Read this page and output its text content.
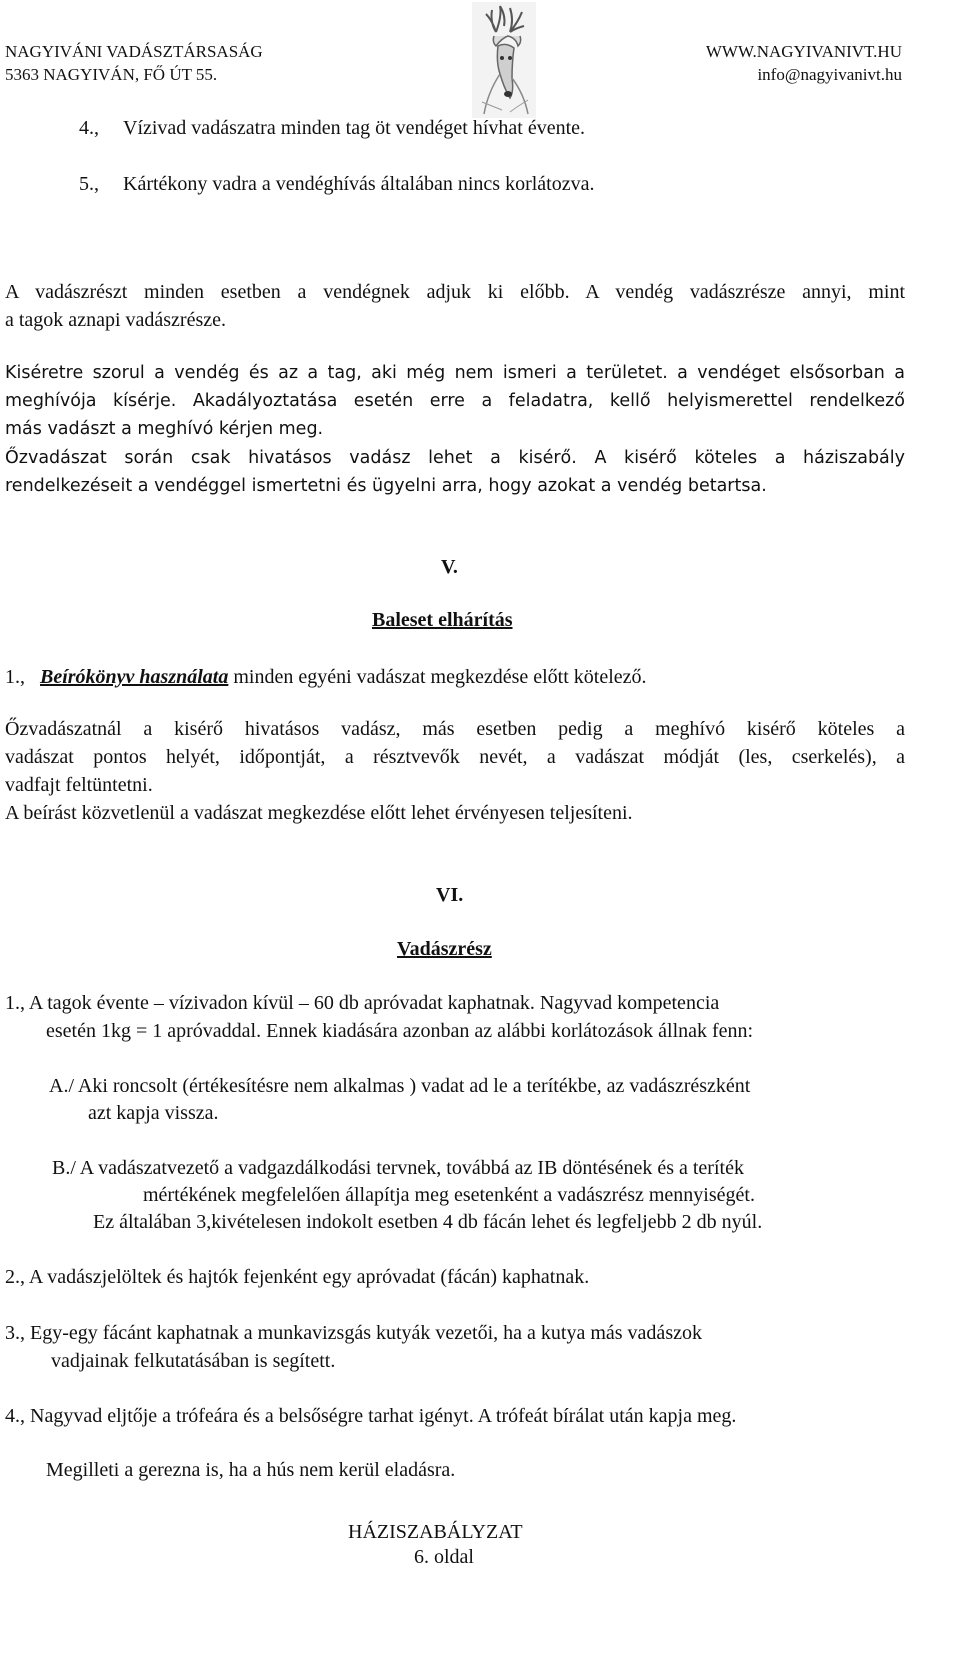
NAGYIVÁNI VADÁSZTÁRSASÁG
5363 NAGYIVÁN, FŐ ÚT 55.
WWW.NAGYIVANIVT.HU
info@nagyivanivt.hu
4., Vízivad vadászatra minden tag öt vendéget hívhat évente.
5., Kártékony vadra a vendéghívás általában nincs korlátozva.
A vadászrészt minden esetben a vendégnek adjuk ki előbb. A vendég vadászrésze annyi, mint
a tagok aznapi vadászrésze.
Kiséretre szorul a vendég és az a tag, aki még nem ismeri a területet. a vendéget elsősorban a
meghívója kísérje. Akadályoztatása esetén erre a feladatra, kellő helyismerettel rendelkező
más vadászt a meghívó kérjen meg.
Őzvadászat során csak hivatásos vadász lehet a kisérő. A kisérő köteles a háziszabály
rendelkezéseit a vendéggel ismertetni és ügyelni arra, hogy azokat a vendég betartsa.
V.
Baleset elhárítás
1., Beírókönyv használata minden egyéni vadászat megkezdése előtt kötelező.
Őzvadászatnál a kisérő hivatásos vadász, más esetben pedig a meghívó kisérő köteles a
vadászat pontos helyét, időpontját, a résztvevők nevét, a vadászat módját (les, cserkelés), a
vadfajt feltüntetni.
A beírást közvetlenül a vadászat megkezdése előtt lehet érvényesen teljesíteni.
VI.
Vadászrész
1., A tagok évente – vízivadon kívül – 60 db apróvadat kaphatnak. Nagyvad kompetencia
esetén 1kg = 1 apróvaddal. Ennek kiadására azonban az alábbi korlátozások állnak fenn:
A./ Aki roncsolt (értékesítésre nem alkalmas ) vadat ad le a terítékbe, az vadászrészként
azt kapja vissza.
B./ A vadászatvezető a vadgazdálkodási tervnek, továbbá az IB döntésének és a teríték
mértékének megfelelően állapítja meg esetenként a vadászrész mennyiségét.
Ez általában 3,kivételesen indokolt esetben 4 db fácán lehet és legfeljebb 2 db nyúl.
2., A vadászjelöltek és hajtók fejenként egy apróvadat (fácán) kaphatnak.
3., Egy-egy fácánt kaphatnak a munkavizsgás kutyák vezetői, ha a kutya más vadászok
vadjainak felkutatásában is segített.
4., Nagyvad eljtője a trófeára és a belsőségre tarhat igényt. A trófeát bírálat után kapja meg.
Megilleti a gerezna is, ha a hús nem kerül eladásra.
HÁZISZABÁLYZAT
6. oldal
